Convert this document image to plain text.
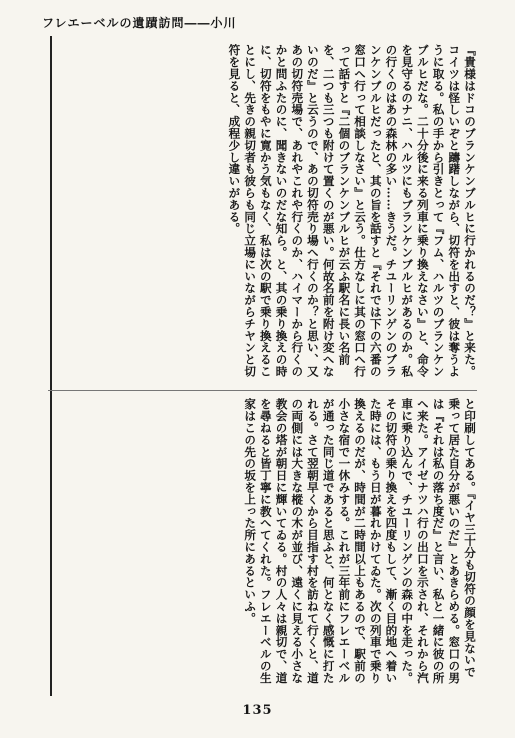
フレエーベルの遺蹟訪問――小川

『貴様はドコのブランケンブルヒに行かれるのだ？』と来た。コイツは怪しいぞと躊躇しながら、切符を出すと、彼は奪うように取る。私の手から引きとって『フム、ハルツのブランケンブルヒだな。二十分後に来る列車に乗り換えなさい』と、命令を見守るのナニ、ハルツにもブランケンブルヒがあるのか。私の行くのはあの森林の多い……きうだ。チユーリンゲンのブランケンブルヒだったと、其の旨を話すと『それでは下の六番の窓口へ行って相談しなさい』と云う。仕方なしに其の窓口へ行って話すと『二個のブランケンブルヒが云ふ駅名に長い名前を、二つも三つも附けて置くのが悪い。何故名前を附け変へないのだ』と云うので、あの切符売り場へ行くのか？と思い、又あの切符売場で、あれやこれや行くのか、ハイマーから行くのかと問ふたのに、聞きないのだな知ら。と、其の乗り換えの時に、切符をもやに寛かう気もなく、私は次の駅で乗り換えることにし、先きの親切者も彼らも同じ立場にいながらチヤンと切符を見ると、成程少し違いがある。

と印刷してある。『イヤ三十分も切符の顔を見ないで乗って居た自分が悪いのだ』とあきらめる。窓口の男は『それは私の落ち度だ』と言い、私と一緒に彼の所へ来た。アイゼナツハ行の出口を示され、それから汽車に乗り込んで、チユーリンゲンの森の中を走った。その切符の乗り換えを四度もして、漸く目的地へ着いた時には、もう日が暮れかけてゐた。次の列車で乗り換えるのだが、時間が二時間以上もあるので、駅前の小さな宿で一休みする。これが三年前にフレエーベルが通った同じ道であると思ふと、何となく感慨に打たれる。さて翌朝早くから目指す村を訪ねて行くと、道の両側には大きな樅の木が並び、遠くに見える小さな教会の塔が朝日に輝いてゐる。村の人々は親切で、道を尋ねると皆丁寧に教へてくれた。フレエーベルの生家はこの先の坂を上った所にあるといふ。

135
